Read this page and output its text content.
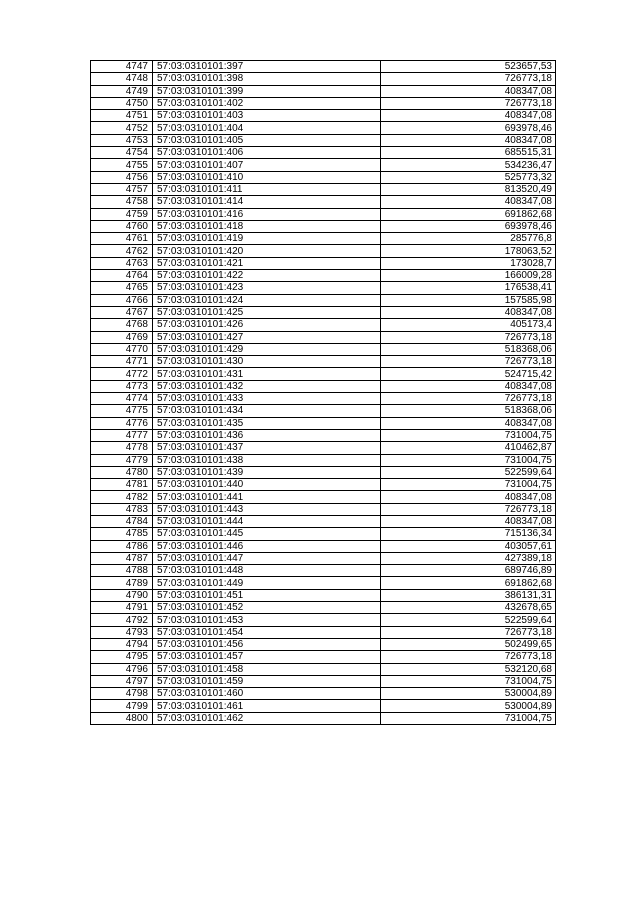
4747	57:03:0310101:397	523657,53
4748	57:03:0310101:398	726773,18
4749	57:03:0310101:399	408347,08
4750	57:03:0310101:402	726773,18
4751	57:03:0310101:403	408347,08
4752	57:03:0310101:404	693978,46
4753	57:03:0310101:405	408347,08
4754	57:03:0310101:406	685515,31
4755	57:03:0310101:407	534236,47
4756	57:03:0310101:410	525773,32
4757	57:03:0310101:411	813520,49
4758	57:03:0310101:414	408347,08
4759	57:03:0310101:416	691862,68
4760	57:03:0310101:418	693978,46
4761	57:03:0310101:419	285776,8
4762	57:03:0310101:420	178063,52
4763	57:03:0310101:421	173028,7
4764	57:03:0310101:422	166009,28
4765	57:03:0310101:423	176538,41
4766	57:03:0310101:424	157585,98
4767	57:03:0310101:425	408347,08
4768	57:03:0310101:426	405173,4
4769	57:03:0310101:427	726773,18
4770	57:03:0310101:429	518368,06
4771	57:03:0310101:430	726773,18
4772	57:03:0310101:431	524715,42
4773	57:03:0310101:432	408347,08
4774	57:03:0310101:433	726773,18
4775	57:03:0310101:434	518368,06
4776	57:03:0310101:435	408347,08
4777	57:03:0310101:436	731004,75
4778	57:03:0310101:437	410462,87
4779	57:03:0310101:438	731004,75
4780	57:03:0310101:439	522599,64
4781	57:03:0310101:440	731004,75
4782	57:03:0310101:441	408347,08
4783	57:03:0310101:443	726773,18
4784	57:03:0310101:444	408347,08
4785	57:03:0310101:445	715136,34
4786	57:03:0310101:446	403057,61
4787	57:03:0310101:447	427389,18
4788	57:03:0310101:448	689746,89
4789	57:03:0310101:449	691862,68
4790	57:03:0310101:451	386131,31
4791	57:03:0310101:452	432678,65
4792	57:03:0310101:453	522599,64
4793	57:03:0310101:454	726773,18
4794	57:03:0310101:456	502499,65
4795	57:03:0310101:457	726773,18
4796	57:03:0310101:458	532120,68
4797	57:03:0310101:459	731004,75
4798	57:03:0310101:460	530004,89
4799	57:03:0310101:461	530004,89
4800	57:03:0310101:462	731004,75
